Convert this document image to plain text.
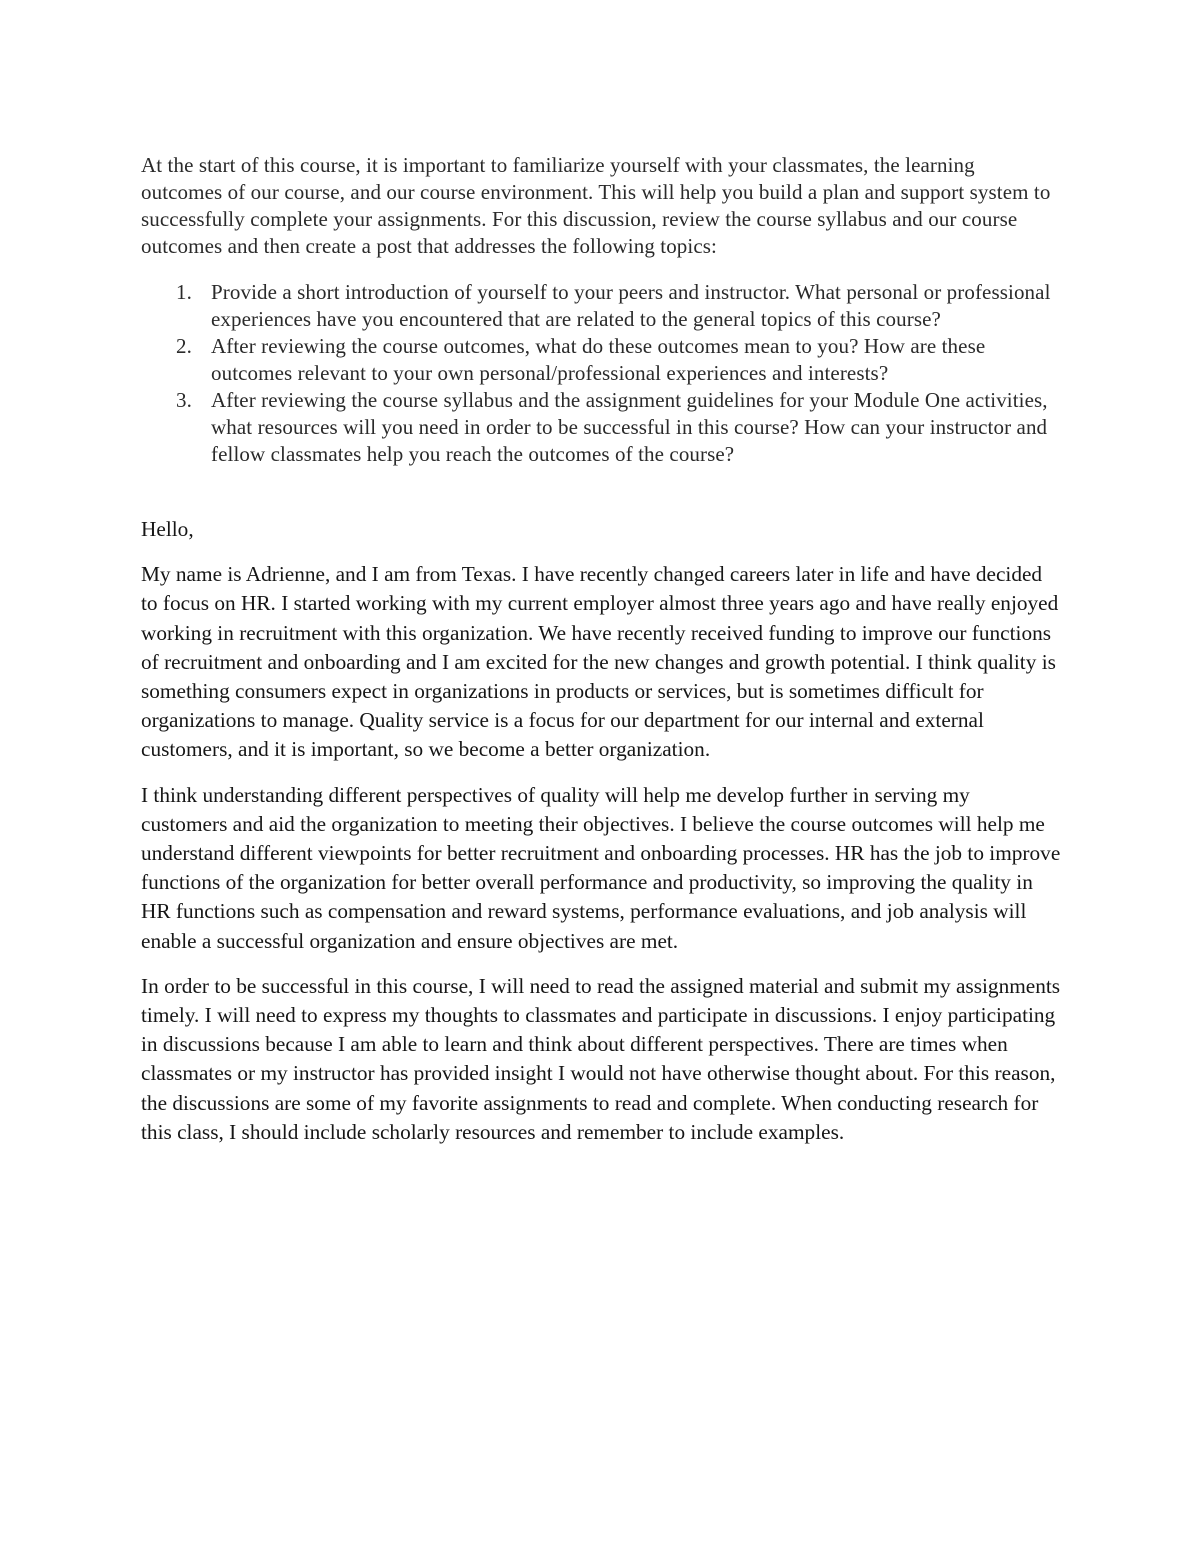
At the start of this course, it is important to familiarize yourself with your classmates, the learning outcomes of our course, and our course environment. This will help you build a plan and support system to successfully complete your assignments. For this discussion, review the course syllabus and our course outcomes and then create a post that addresses the following topics:

1. Provide a short introduction of yourself to your peers and instructor. What personal or professional experiences have you encountered that are related to the general topics of this course?
2. After reviewing the course outcomes, what do these outcomes mean to you? How are these outcomes relevant to your own personal/professional experiences and interests?
3. After reviewing the course syllabus and the assignment guidelines for your Module One activities, what resources will you need in order to be successful in this course? How can your instructor and fellow classmates help you reach the outcomes of the course?

Hello,

My name is Adrienne, and I am from Texas. I have recently changed careers later in life and have decided to focus on HR. I started working with my current employer almost three years ago and have really enjoyed working in recruitment with this organization. We have recently received funding to improve our functions of recruitment and onboarding and I am excited for the new changes and growth potential. I think quality is something consumers expect in organizations in products or services, but is sometimes difficult for organizations to manage. Quality service is a focus for our department for our internal and external customers, and it is important, so we become a better organization.

I think understanding different perspectives of quality will help me develop further in serving my customers and aid the organization to meeting their objectives. I believe the course outcomes will help me understand different viewpoints for better recruitment and onboarding processes. HR has the job to improve functions of the organization for better overall performance and productivity, so improving the quality in HR functions such as compensation and reward systems, performance evaluations, and job analysis will enable a successful organization and ensure objectives are met.

In order to be successful in this course, I will need to read the assigned material and submit my assignments timely. I will need to express my thoughts to classmates and participate in discussions. I enjoy participating in discussions because I am able to learn and think about different perspectives. There are times when classmates or my instructor has provided insight I would not have otherwise thought about. For this reason, the discussions are some of my favorite assignments to read and complete. When conducting research for this class, I should include scholarly resources and remember to include examples.
